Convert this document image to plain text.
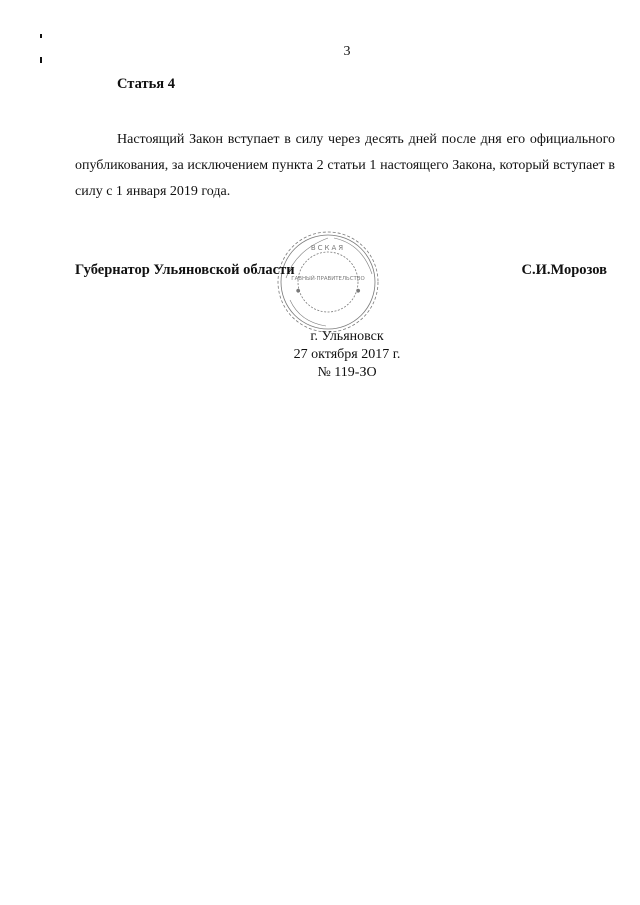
3
Статья 4

Настоящий Закон вступает в силу через десять дней после дня его официального опубликования, за исключением пункта 2 статьи 1 настоящего Закона, который вступает в силу с 1 января 2019 года.

Губернатор Ульяновской области
ВСКАЯ
ГАВНЫЙ·ПРАВИТЕЛЬСТВО
●	●
С.И.Морозов
г. Ульяновск
27 октября 2017 г.
№ 119-ЗО
